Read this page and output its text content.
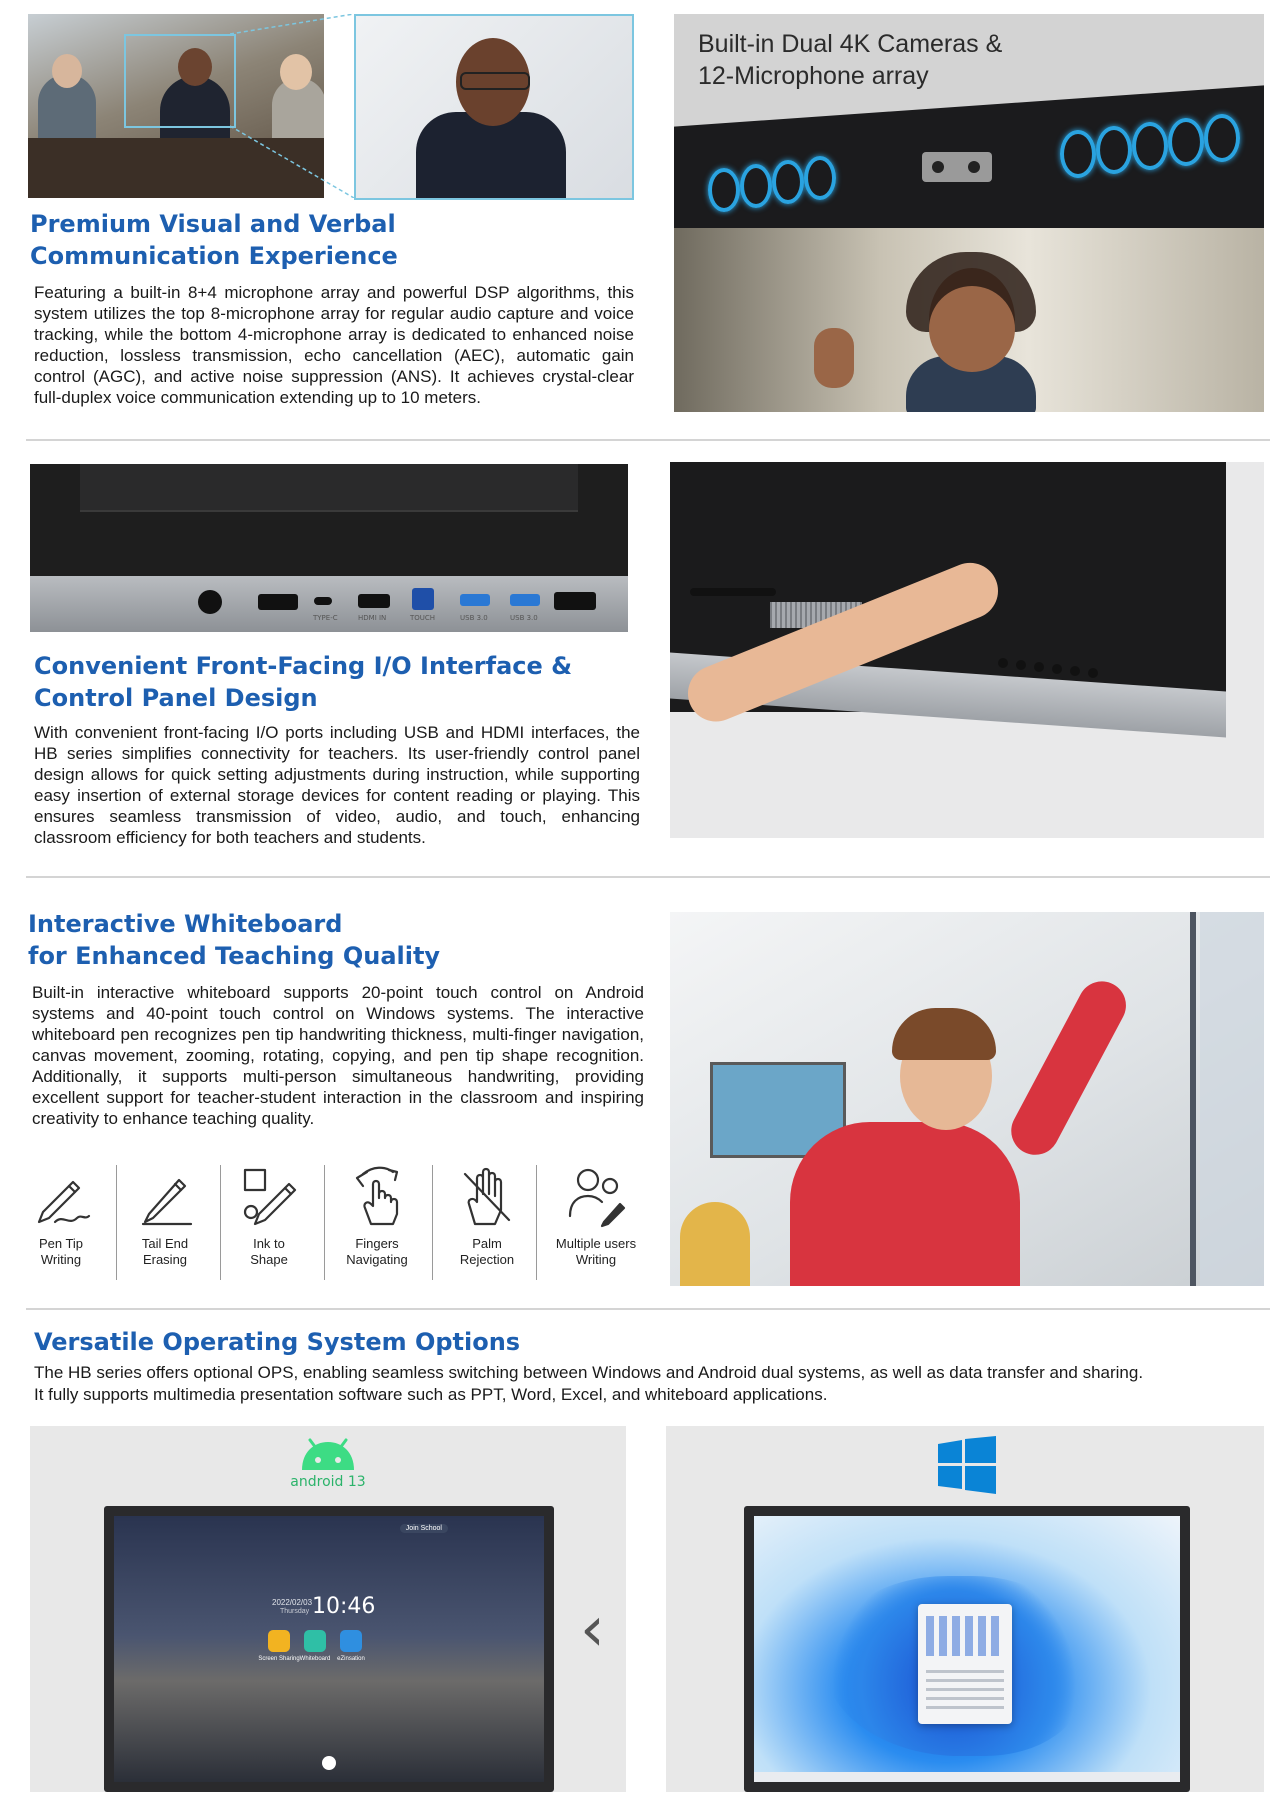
Premium Visual and Verbal

Communication Experience

Featuring a built-in 8+4 microphone array and powerful DSP algorithms, this system utilizes the top 8-microphone array for regular audio capture and voice tracking, while the bottom 4-microphone array is dedicated to enhanced noise reduction, lossless transmission, echo cancellation (AEC), automatic gain control (AGC), and active noise suppression (ANS). It achieves crystal-clear full-duplex voice communication extending up to 10 meters.

Built-in Dual 4K Cameras &
12-Microphone array
TYPE-C	HDMI IN	TOUCH	USB 3.0	USB 3.0

Convenient Front-Facing I/O Interface &

Control Panel Design

With convenient front-facing I/O ports including USB and HDMI interfaces, the HB series simplifies connectivity for teachers. Its user-friendly control panel design allows for quick setting adjustments during instruction, while supporting easy insertion of external storage devices for content reading or playing. This ensures seamless transmission of video, audio, and touch, enhancing classroom efficiency for both teachers and students.

Interactive Whiteboard

for Enhanced Teaching Quality

Built-in interactive whiteboard supports 20-point touch control on Android systems and 40-point touch control on Windows systems. The interactive whiteboard pen recognizes pen tip handwriting thickness, multi-finger navigation, canvas movement, zooming, rotating, copying, and pen tip shape recognition. Additionally, it supports multi-person simultaneous handwriting, providing excellent support for teacher-student interaction in the classroom and inspiring creativity to enhance teaching quality.

Pen Tip
Writing
Tail End
Erasing
Ink to
Shape
Fingers
Navigating
Palm
Rejection
Multiple users
Writing

Versatile Operating System Options

The HB series offers optional OPS, enabling seamless switching between Windows and Android dual systems, as well as data transfer and sharing.

It fully supports multimedia presentation software such as PPT, Word, Excel, and whiteboard applications.

android 13
Join School
2022/02/03
Thursday 10:46
Screen Sharing Whiteboard	eZinsation	‹
